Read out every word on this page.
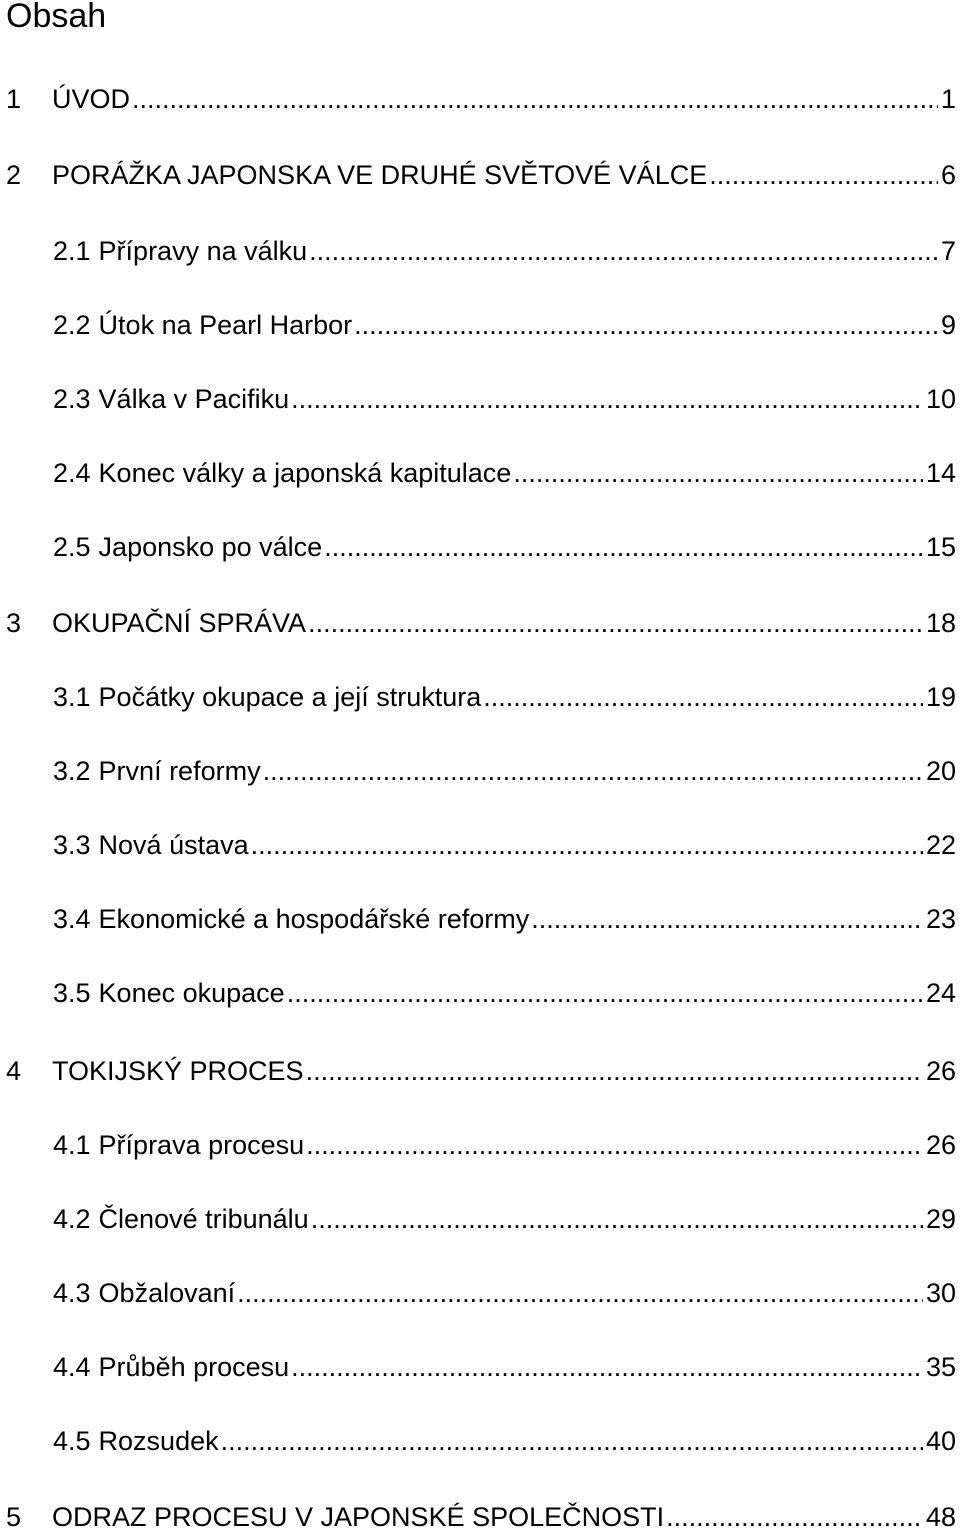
Obsah
1	ÚVOD .....	1
2	PORÁŽKA JAPONSKA VE DRUHÉ SVĚTOVÉ VÁLCE .....	6
2.1 Přípravy na válku .....	7
2.2 Útok na Pearl Harbor .....	9
2.3 Válka v Pacifiku .....	10
2.4 Konec války a japonská kapitulace .....	14
2.5 Japonsko po válce .....	15
3	OKUPAČNÍ SPRÁVA .....	18
3.1 Počátky okupace a její struktura .....	19
3.2 První reformy .....	20
3.3 Nová ústava .....	22
3.4 Ekonomické a hospodářské reformy .....	23
3.5 Konec okupace .....	24
4	TOKIJSKÝ PROCES .....	26
4.1 Příprava procesu .....	26
4.2 Členové tribunálu .....	29
4.3 Obžalovaní .....	30
4.4 Průběh procesu .....	35
4.5 Rozsudek .....	40
5	ODRAZ PROCESU V JAPONSKÉ SPOLEČNOSTI .....	48
